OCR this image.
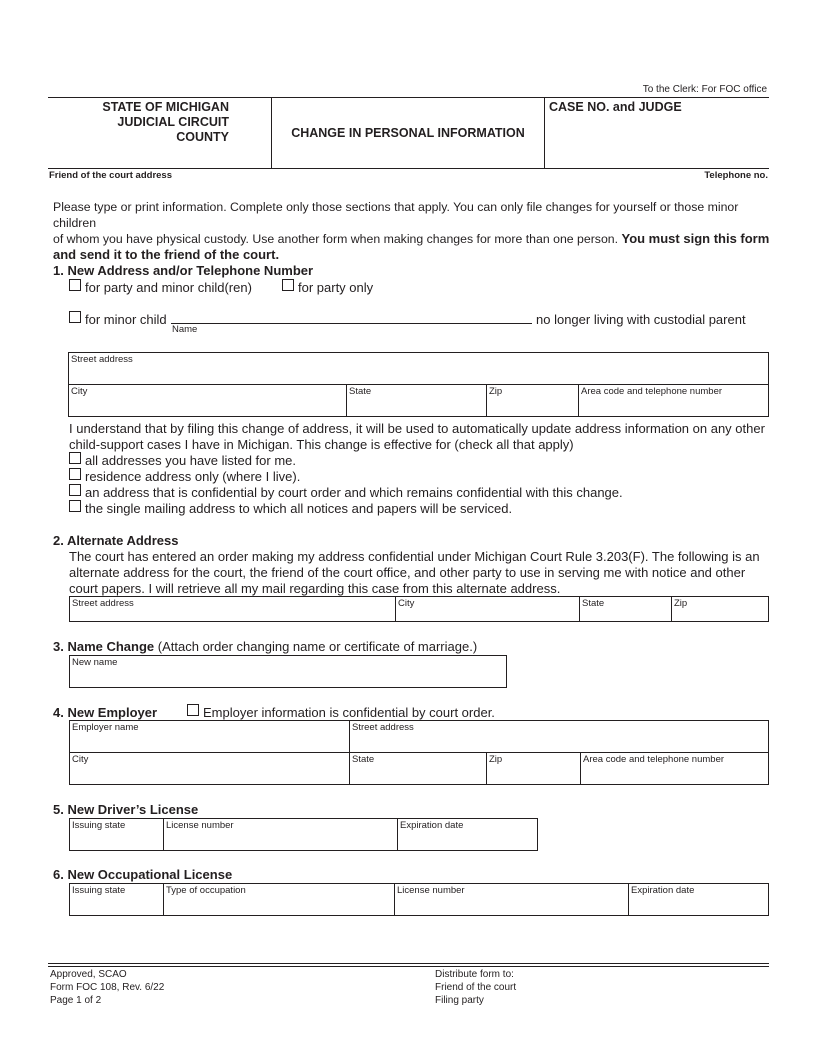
To the Clerk: For FOC office
STATE OF MICHIGAN
JUDICIAL CIRCUIT
COUNTY	CHANGE IN PERSONAL INFORMATION
CASE NO. and JUDGE
Friend of the court address	Telephone no.
Please type or print information. Complete only those sections that apply. You can only file changes for yourself or those minor children
of whom you have physical custody. Use another form when making changes for more than one person. You must sign this form
and send it to the friend of the court.
1. New Address and/or Telephone Number
for party and minor child(ren)	for party only
for minor child
Name
no longer living with custodial parent
Street address
City	State	Zip	Area code and telephone number
I understand that by filing this change of address, it will be used to automatically update address information on any other
child-support cases I have in Michigan. This change is effective for (check all that apply)
all addresses you have listed for me.
residence address only (where I live).
an address that is confidential by court order and which remains confidential with this change.
the single mailing address to which all notices and papers will be serviced.
2. Alternate Address
The court has entered an order making my address confidential under Michigan Court Rule 3.203(F). The following is an
alternate address for the court, the friend of the court office, and other party to use in serving me with notice and other
court papers. I will retrieve all my mail regarding this case from this alternate address.
Street address	City	State	Zip
3. Name Change (Attach order changing name or certificate of marriage.)
New name
4. New Employer	Employer information is confidential by court order.
Employer name	Street address
City	State	Zip	Area code and telephone number
5. New Driver’s License
Issuing state	License number	Expiration date
6. New Occupational License
Issuing state	Type of occupation	License number	Expiration date
Approved, SCAO
Form FOC 108, Rev. 6/22
Page 1 of 2
Distribute form to:
Friend of the court
Filing party
